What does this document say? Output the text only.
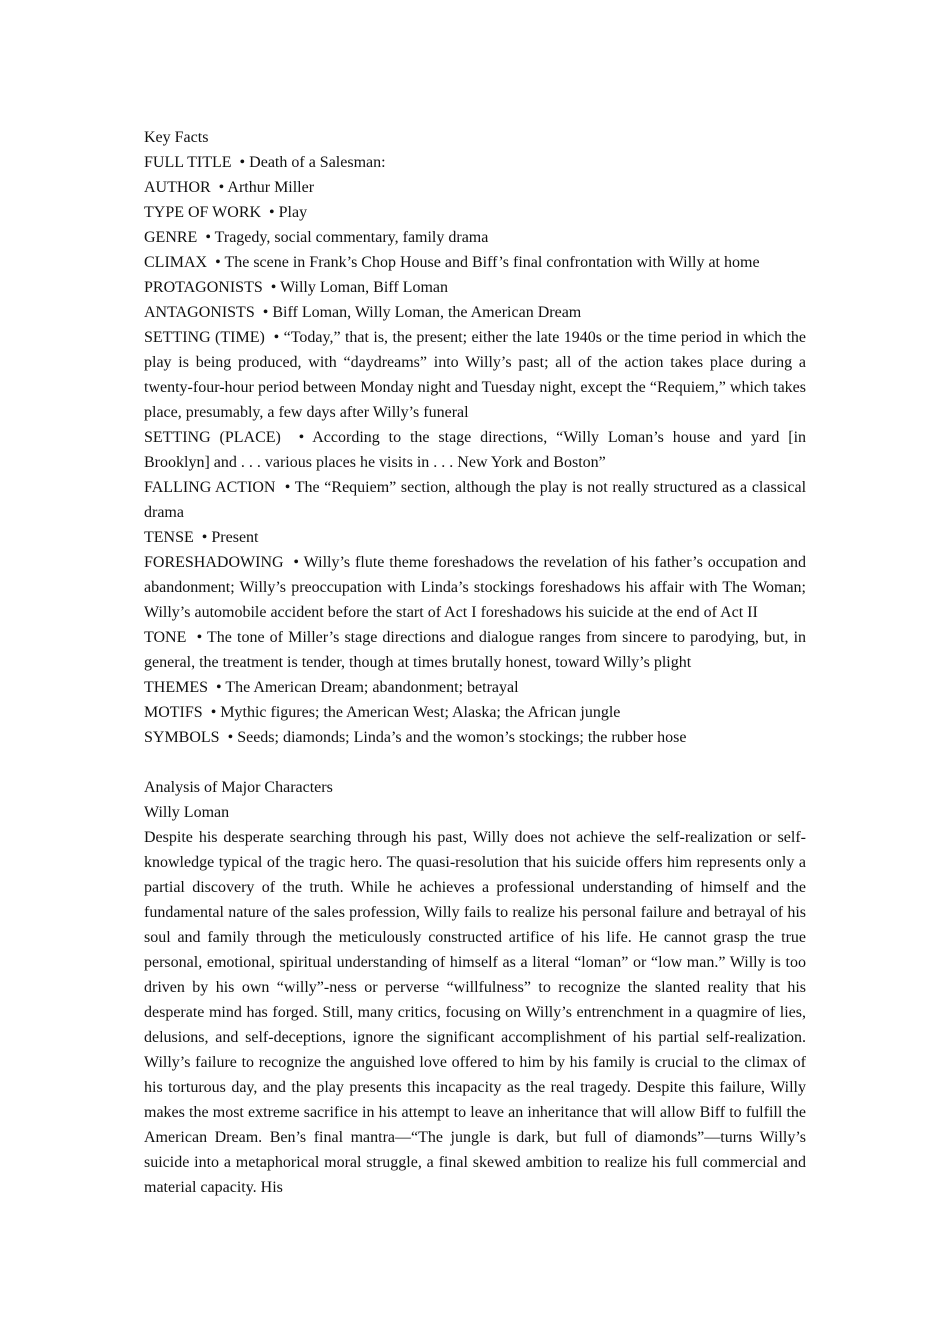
Key Facts

FULL TITLE • Death of a Salesman:

AUTHOR • Arthur Miller

TYPE OF WORK • Play

GENRE • Tragedy, social commentary, family drama

CLIMAX • The scene in Frank’s Chop House and Biff’s final confrontation with Willy at home

PROTAGONISTS • Willy Loman, Biff Loman

ANTAGONISTS • Biff Loman, Willy Loman, the American Dream

SETTING (TIME) • “Today,” that is, the present; either the late 1940s or the time period in which the play is being produced, with “daydreams” into Willy’s past; all of the action takes place during a twenty-four-hour period between Monday night and Tuesday night, except the “Requiem,” which takes place, presumably, a few days after Willy’s funeral

SETTING (PLACE) • According to the stage directions, “Willy Loman’s house and yard [in Brooklyn] and . . . various places he visits in . . . New York and Boston”

FALLING ACTION • The “Requiem” section, although the play is not really structured as a classical drama

TENSE • Present

FORESHADOWING • Willy’s flute theme foreshadows the revelation of his father’s occupation and abandonment; Willy’s preoccupation with Linda’s stockings foreshadows his affair with The Woman; Willy’s automobile accident before the start of Act I foreshadows his suicide at the end of Act II

TONE • The tone of Miller’s stage directions and dialogue ranges from sincere to parodying, but, in general, the treatment is tender, though at times brutally honest, toward Willy’s plight

THEMES • The American Dream; abandonment; betrayal

MOTIFS • Mythic figures; the American West; Alaska; the African jungle

SYMBOLS • Seeds; diamonds; Linda’s and the womon’s stockings; the rubber hose

Analysis of Major Characters

Willy Loman

Despite his desperate searching through his past, Willy does not achieve the self-realization or self-knowledge typical of the tragic hero. The quasi-resolution that his suicide offers him represents only a partial discovery of the truth. While he achieves a professional understanding of himself and the fundamental nature of the sales profession, Willy fails to realize his personal failure and betrayal of his soul and family through the meticulously constructed artifice of his life. He cannot grasp the true personal, emotional, spiritual understanding of himself as a literal “loman” or “low man.” Willy is too driven by his own “willy”-ness or perverse “willfulness” to recognize the slanted reality that his desperate mind has forged. Still, many critics, focusing on Willy’s entrenchment in a quagmire of lies, delusions, and self-deceptions, ignore the significant accomplishment of his partial self-realization. Willy’s failure to recognize the anguished love offered to him by his family is crucial to the climax of his torturous day, and the play presents this incapacity as the real tragedy. Despite this failure, Willy makes the most extreme sacrifice in his attempt to leave an inheritance that will allow Biff to fulfill the American Dream. Ben’s final mantra—“The jungle is dark, but full of diamonds”—turns Willy’s suicide into a metaphorical moral struggle, a final skewed ambition to realize his full commercial and material capacity. His
